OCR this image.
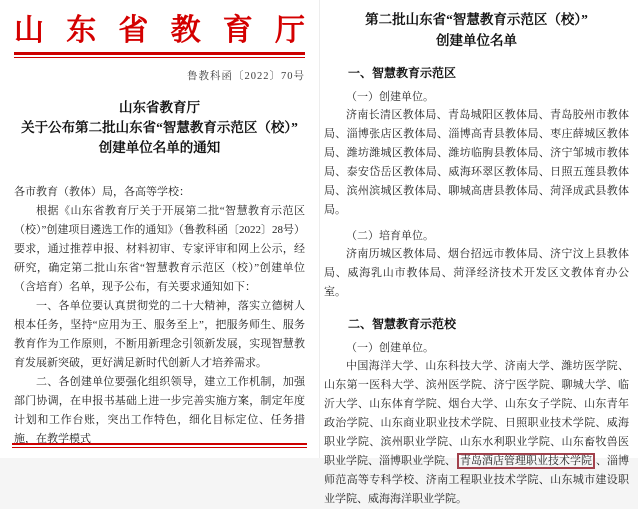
山东省教育厅
鲁教科函〔2022〕70号
山东省教育厅
关于公布第二批山东省“智慧教育示范区（校）”
创建单位名单的通知
各市教育（教体）局，各高等学校：

根据《山东省教育厅关于开展第二批“智慧教育示范区（校）”创建项目遴选工作的通知》（鲁教科函〔2022〕28号）要求，通过推荐申报、材料初审、专家评审和网上公示，经研究，确定第二批山东省“智慧教育示范区（校）”创建单位（含培育）名单，现予公布，有关要求通知如下：

一、各单位要认真贯彻党的二十大精神，落实立德树人根本任务，坚持“应用为王、服务至上”，把服务师生、服务教育作为工作原则，不断用新理念引领新发展，实现智慧教育发展新突破，更好满足新时代创新人才培养需求。

二、各创建单位要强化组织领导，建立工作机制，加强部门协调，在申报书基础上进一步完善实施方案，制定年度计划和工作台账，突出工作特色，细化目标定位、任务措施，在教学模式

第二批山东省“智慧教育示范区（校）”
创建单位名单
一、智慧教育示范区
（一）创建单位。

济南长清区教体局、青岛城阳区教体局、青岛胶州市教体局、淄博张店区教体局、淄博高青县教体局、枣庄薛城区教体局、潍坊潍城区教体局、潍坊临朐县教体局、济宁邹城市教体局、泰安岱岳区教体局、威海环翠区教体局、日照五莲县教体局、滨州滨城区教体局、聊城高唐县教体局、菏泽成武县教体局。

（二）培育单位。

济南历城区教体局、烟台招远市教体局、济宁汶上县教体局、威海乳山市教体局、菏泽经济技术开发区文教体育办公室。

二、智慧教育示范校
（一）创建单位。

中国海洋大学、山东科技大学、济南大学、潍坊医学院、山东第一医科大学、滨州医学院、济宁医学院、聊城大学、临沂大学、山东体育学院、烟台大学、山东女子学院、山东青年政治学院、山东商业职业技术学院、日照职业技术学院、威海职业学院、滨州职业学院、山东水利职业学院、山东畜牧兽医职业学院、淄博职业学院、 青岛酒店管理职业技术学院 、淄博师范高等专科学校、济南工程职业技术学院、山东城市建设职业学院、威海海洋职业学院。
